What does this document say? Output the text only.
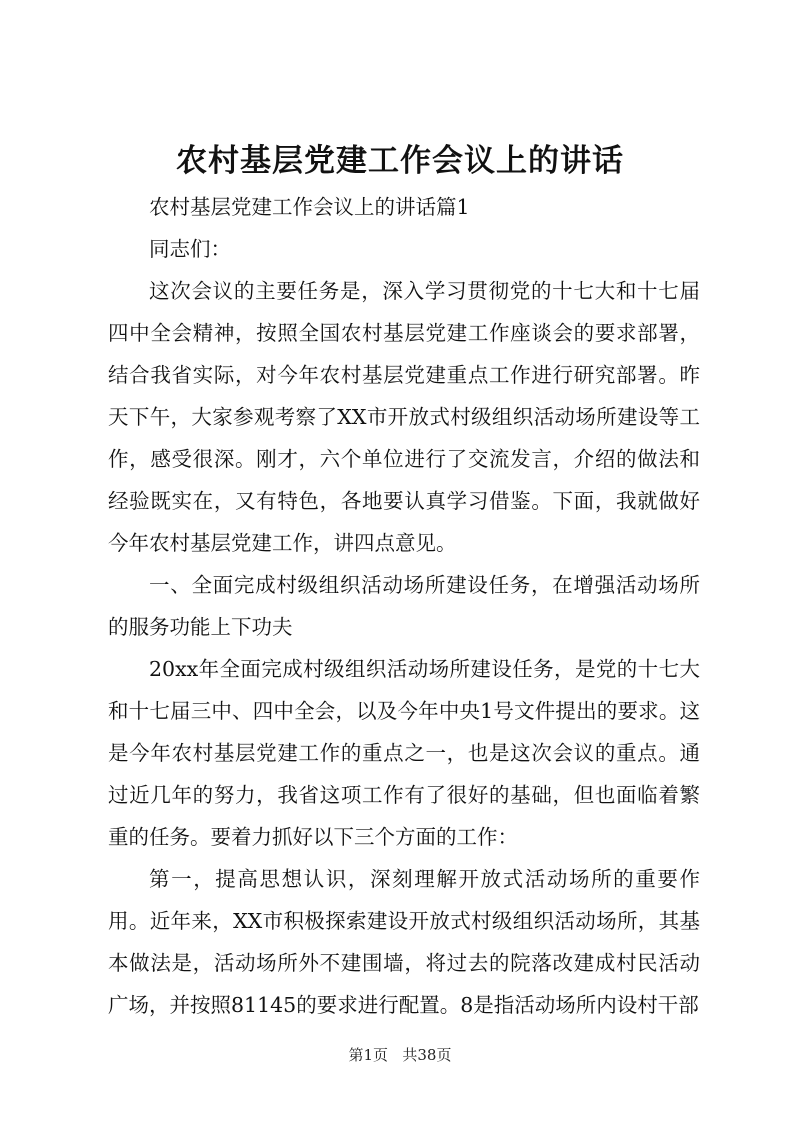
农村基层党建工作会议上的讲话

农村基层党建工作会议上的讲话篇1

同志们：

这次会议的主要任务是，深入学习贯彻党的十七大和十七届四中全会精神，按照全国农村基层党建工作座谈会的要求部署，结合我省实际，对今年农村基层党建重点工作进行研究部署。昨天下午，大家参观考察了XX市开放式村级组织活动场所建设等工作，感受很深。刚才，六个单位进行了交流发言，介绍的做法和经验既实在，又有特色，各地要认真学习借鉴。下面，我就做好今年农村基层党建工作，讲四点意见。

一、全面完成村级组织活动场所建设任务，在增强活动场所的服务功能上下功夫

20xx年全面完成村级组织活动场所建设任务，是党的十七大和十七届三中、四中全会，以及今年中央1号文件提出的要求。这是今年农村基层党建工作的重点之一，也是这次会议的重点。通过近几年的努力，我省这项工作有了很好的基础，但也面临着繁重的任务。要着力抓好以下三个方面的工作：

第一，提高思想认识，深刻理解开放式活动场所的重要作用。近年来，XX市积极探索建设开放式村级组织活动场所，其基本做法是，活动场所外不建围墙，将过去的院落改建成村民活动广场，并按照81145的要求进行配置。8是指活动场所内设村干部

第1页 共38页
